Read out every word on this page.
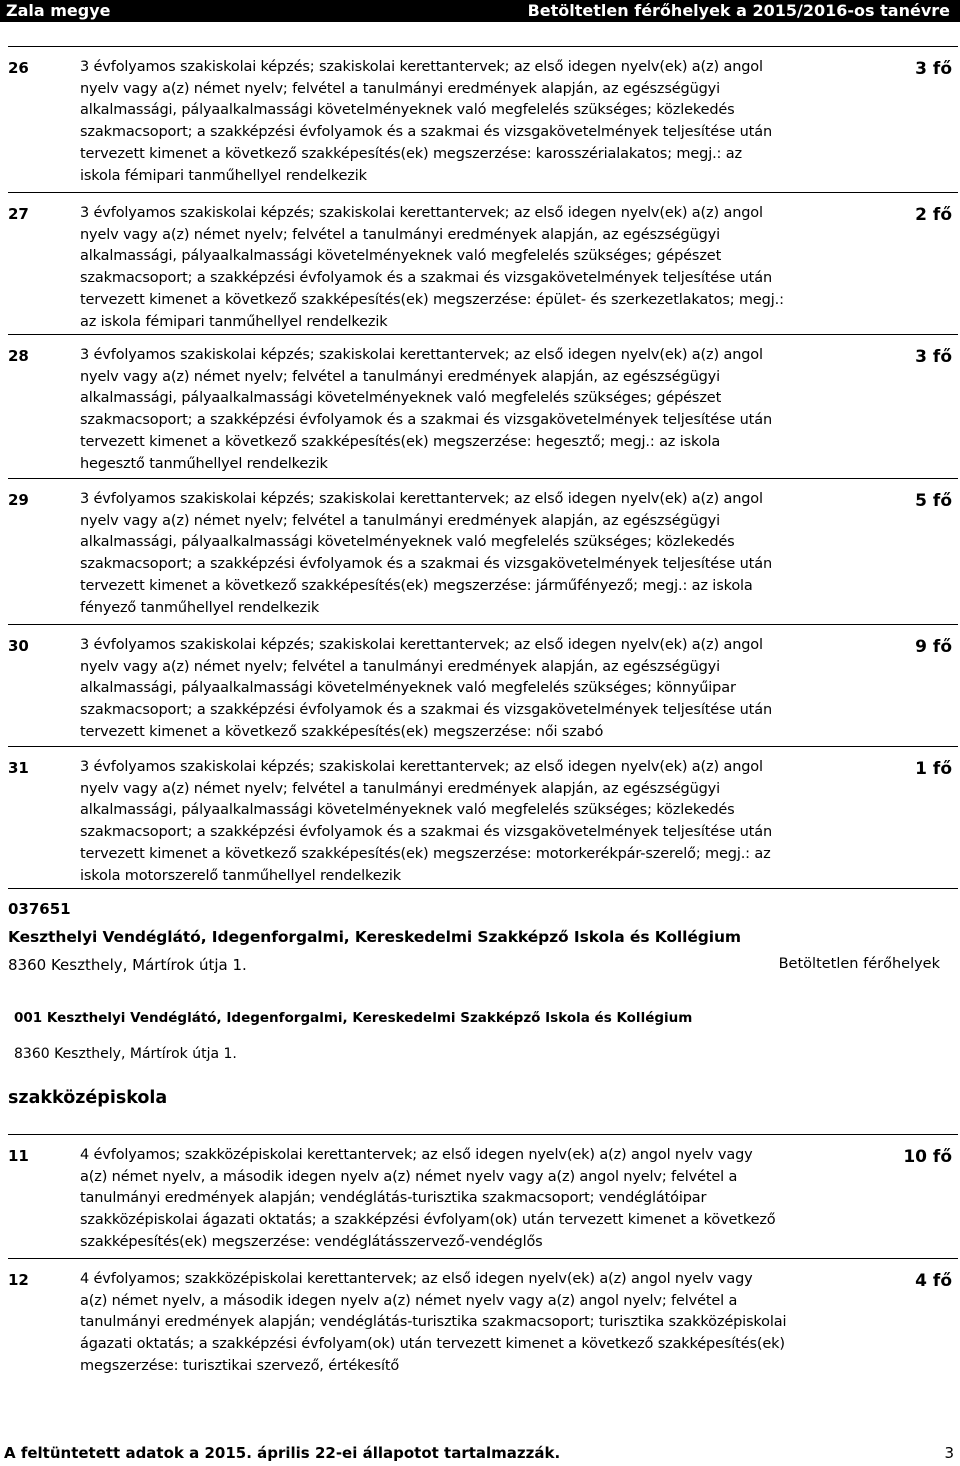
Zala megye	Betöltetlen férőhelyek a 2015/2016-os tanévre
26	3 évfolyamos szakiskolai képzés; szakiskolai kerettantervek; az első idegen nyelv(ek) a(z) angol
nyelv vagy a(z) német nyelv; felvétel a tanulmányi eredmények alapján, az egészségügyi
alkalmassági, pályaalkalmassági követelményeknek való megfelelés szükséges; közlekedés
szakmacsoport; a szakképzési évfolyamok és a szakmai és vizsgakövetelmények teljesítése után
tervezett kimenet a következő szakképesítés(ek) megszerzése: karosszérialakatos; megj.: az
iskola fémipari tanműhellyel rendelkezik
3 fő
27	3 évfolyamos szakiskolai képzés; szakiskolai kerettantervek; az első idegen nyelv(ek) a(z) angol
nyelv vagy a(z) német nyelv; felvétel a tanulmányi eredmények alapján, az egészségügyi
alkalmassági, pályaalkalmassági követelményeknek való megfelelés szükséges; gépészet
szakmacsoport; a szakképzési évfolyamok és a szakmai és vizsgakövetelmények teljesítése után
tervezett kimenet a következő szakképesítés(ek) megszerzése: épület- és szerkezetlakatos; megj.:
az iskola fémipari tanműhellyel rendelkezik
2 fő
28	3 évfolyamos szakiskolai képzés; szakiskolai kerettantervek; az első idegen nyelv(ek) a(z) angol
nyelv vagy a(z) német nyelv; felvétel a tanulmányi eredmények alapján, az egészségügyi
alkalmassági, pályaalkalmassági követelményeknek való megfelelés szükséges; gépészet
szakmacsoport; a szakképzési évfolyamok és a szakmai és vizsgakövetelmények teljesítése után
tervezett kimenet a következő szakképesítés(ek) megszerzése: hegesztő; megj.: az iskola
hegesztő tanműhellyel rendelkezik
3 fő
29	3 évfolyamos szakiskolai képzés; szakiskolai kerettantervek; az első idegen nyelv(ek) a(z) angol
nyelv vagy a(z) német nyelv; felvétel a tanulmányi eredmények alapján, az egészségügyi
alkalmassági, pályaalkalmassági követelményeknek való megfelelés szükséges; közlekedés
szakmacsoport; a szakképzési évfolyamok és a szakmai és vizsgakövetelmények teljesítése után
tervezett kimenet a következő szakképesítés(ek) megszerzése: járműfényező; megj.: az iskola
fényező tanműhellyel rendelkezik
5 fő
30	3 évfolyamos szakiskolai képzés; szakiskolai kerettantervek; az első idegen nyelv(ek) a(z) angol
nyelv vagy a(z) német nyelv; felvétel a tanulmányi eredmények alapján, az egészségügyi
alkalmassági, pályaalkalmassági követelményeknek való megfelelés szükséges; könnyűipar
szakmacsoport; a szakképzési évfolyamok és a szakmai és vizsgakövetelmények teljesítése után
tervezett kimenet a következő szakképesítés(ek) megszerzése: női szabó
9 fő
31	3 évfolyamos szakiskolai képzés; szakiskolai kerettantervek; az első idegen nyelv(ek) a(z) angol
nyelv vagy a(z) német nyelv; felvétel a tanulmányi eredmények alapján, az egészségügyi
alkalmassági, pályaalkalmassági követelményeknek való megfelelés szükséges; közlekedés
szakmacsoport; a szakképzési évfolyamok és a szakmai és vizsgakövetelmények teljesítése után
tervezett kimenet a következő szakképesítés(ek) megszerzése: motorkerékpár-szerelő; megj.: az
iskola motorszerelő tanműhellyel rendelkezik
1 fő
037651
Keszthelyi Vendéglátó, Idegenforgalmi, Kereskedelmi Szakképző Iskola és Kollégium
8360 Keszthely, Mártírok útja 1.	Betöltetlen férőhelyek
001 Keszthelyi Vendéglátó, Idegenforgalmi, Kereskedelmi Szakképző Iskola és Kollégium
8360 Keszthely, Mártírok útja 1.
szakközépiskola
11	4 évfolyamos; szakközépiskolai kerettantervek; az első idegen nyelv(ek) a(z) angol nyelv vagy
a(z) német nyelv, a második idegen nyelv a(z) német nyelv vagy a(z) angol nyelv; felvétel a
tanulmányi eredmények alapján; vendéglátás-turisztika szakmacsoport; vendéglátóipar
szakközépiskolai ágazati oktatás; a szakképzési évfolyam(ok) után tervezett kimenet a következő
szakképesítés(ek) megszerzése: vendéglátásszervező-vendéglős
10 fő
12	4 évfolyamos; szakközépiskolai kerettantervek; az első idegen nyelv(ek) a(z) angol nyelv vagy
a(z) német nyelv, a második idegen nyelv a(z) német nyelv vagy a(z) angol nyelv; felvétel a
tanulmányi eredmények alapján; vendéglátás-turisztika szakmacsoport; turisztika szakközépiskolai
ágazati oktatás; a szakképzési évfolyam(ok) után tervezett kimenet a következő szakképesítés(ek)
megszerzése: turisztikai szervező, értékesítő
4 fő
A feltüntetett adatok a 2015. április 22-ei állapotot tartalmazzák.	3
